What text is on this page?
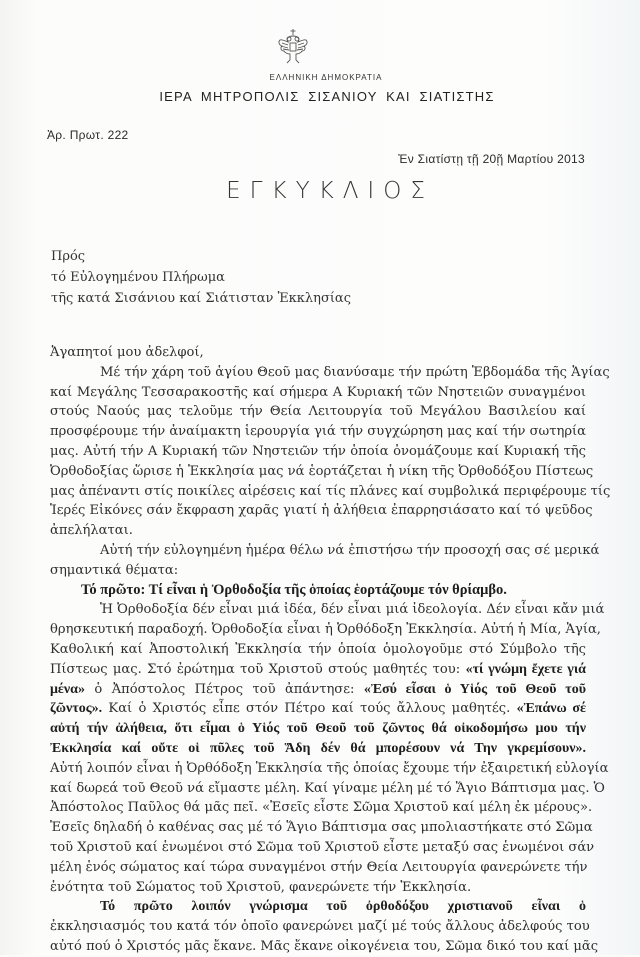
ΕΛΛΗΝΙΚΗ ΔΗΜΟΚΡΑΤΙΑ
ΙΕΡΑ ΜΗΤΡΟΠΟΛΙΣ ΣΙΣΑΝΙΟΥ ΚΑΙ ΣΙΑΤΙΣΤΗΣ
Ἀρ. Πρωτ. 222
Ἐν Σιατίστῃ τῇ 20ῇ Μαρτίου 2013
ΕΓΚΥΚΛΙΟΣ
Πρός
τό Εὐλογημένου Πλήρωμα
τῆς κατά Σισάνιου καί Σιάτισταν Ἐκκλησίας
Ἀγαπητοί μου ἀδελφοί,
Μέ τήν χάρη τοῦ ἁγίου Θεοῦ μας διανύσαμε τήν πρώτη Ἑβδομάδα τῆς Ἁγίας
καί Μεγάλης Τεσσαρακοστῆς καί σήμερα Α Κυριακή τῶν Νηστειῶν συναγμένοι
στούς Ναούς μας τελοῦμε τήν Θεία Λειτουργία τοῦ Μεγάλου Βασιλείου καί
προσφέρουμε τήν ἀναίμακτη ἱερουργία γιά τήν συγχώρηση μας καί τήν σωτηρία
μας. Αὐτή τήν Α Κυριακή τῶν Νηστειῶν τήν ὁποία ὀνομάζουμε καί Κυριακή τῆς
Ὀρθοδοξίας ὥρισε ἡ Ἐκκλησία μας νά ἑορτάζεται ἡ νίκη τῆς Ὀρθοδόξου Πίστεως
μας ἀπέναντι στίς ποικίλες αἱρέσεις καί τίς πλάνες καί συμβολικά περιφέρουμε τίς
Ἱερές Εἰκόνες σάν ἔκφραση χαρᾶς γιατί ἡ ἀλήθεια ἐπαρρησιάσατο καί τό ψεῦδος
ἀπελήλαται.
Αὐτή τήν εὐλογημένη ἡμέρα θέλω νά ἐπιστήσω τήν προσοχή σας σέ μερικά
σημαντικά θέματα:
Τό πρῶτο: Τί εἶναι ἡ Ὀρθοδοξία τῆς ὁποίας ἑορτάζουμε τόν θρίαμβο.
Ἡ Ὀρθοδοξία δέν εἶναι μιά ἰδέα, δέν εἶναι μιά ἰδεολογία. Δέν εἶναι κἄν μιά
θρησκευτική παραδοχή. Ὀρθοδοξία εἶναι ἡ Ὀρθόδοξη Ἐκκλησία. Αὐτή ἡ Μία, Ἁγία,
Καθολική καί Ἀποστολική Ἐκκλησία τήν ὁποία ὁμολογοῦμε στό Σύμβολο τῆς
Πίστεως μας. Στό ἐρώτημα τοῦ Χριστοῦ στούς μαθητές του: «τί γνώμη ἔχετε γιά
μένα» ὁ Ἀπόστολος Πέτρος τοῦ ἀπάντησε: «Ἐσύ εἶσαι ὁ Υἱός τοῦ Θεοῦ τοῦ
ζῶντος». Καί ὁ Χριστός εἶπε στόν Πέτρο καί τούς ἄλλους μαθητές. «Ἐπάνω σέ
αὐτή τήν ἀλήθεια, ὅτι εἶμαι ὁ Υἱός τοῦ Θεοῦ τοῦ ζῶντος θά οἰκοδομήσω μου τήν
Ἐκκλησία καί οὔτε οἱ πῦλες τοῦ Ἅδη δέν θά μπορέσουν νά Την γκρεμίσουν».
Αὐτή λοιπόν εἶναι ἡ Ὀρθόδοξη Ἐκκλησία τῆς ὁποίας ἔχουμε τήν ἐξαιρετική εὐλογία
καί δωρεά τοῦ Θεοῦ νά εἴμαστε μέλη. Καί γίναμε μέλη μέ τό Ἅγιο Βάπτισμα μας. Ὁ
Ἀπόστολος Παῦλος θά μᾶς πεῖ. «Ἐσεῖς εἶστε Σῶμα Χριστοῦ καί μέλη ἐκ μέρους».
Ἐσεῖς δηλαδή ὁ καθένας σας μέ τό Ἅγιο Βάπτισμα σας μπολιαστήκατε στό Σῶμα
τοῦ Χριστοῦ καί ἑνωμένοι στό Σῶμα τοῦ Χριστοῦ εἶστε μεταξύ σας ἑνωμένοι σάν
μέλη ἑνός σώματος καί τώρα συναγμένοι στήν Θεία Λειτουργία φανερώνετε τήν
ἑνότητα τοῦ Σώματος τοῦ Χριστοῦ, φανερώνετε τήν Ἐκκλησία.
Τό πρῶτο λοιπόν γνώρισμα τοῦ ὀρθοδόξου χριστιανοῦ εἶναι ὁ
ἐκκλησιασμός του κατά τόν ὁποῖο φανερώνει μαζί μέ τούς ἄλλους ἀδελφούς του
αὐτό πού ὁ Χριστός μᾶς ἔκανε. Μᾶς ἔκανε οἰκογένεια του, Σῶμα δικό του καί μᾶς
